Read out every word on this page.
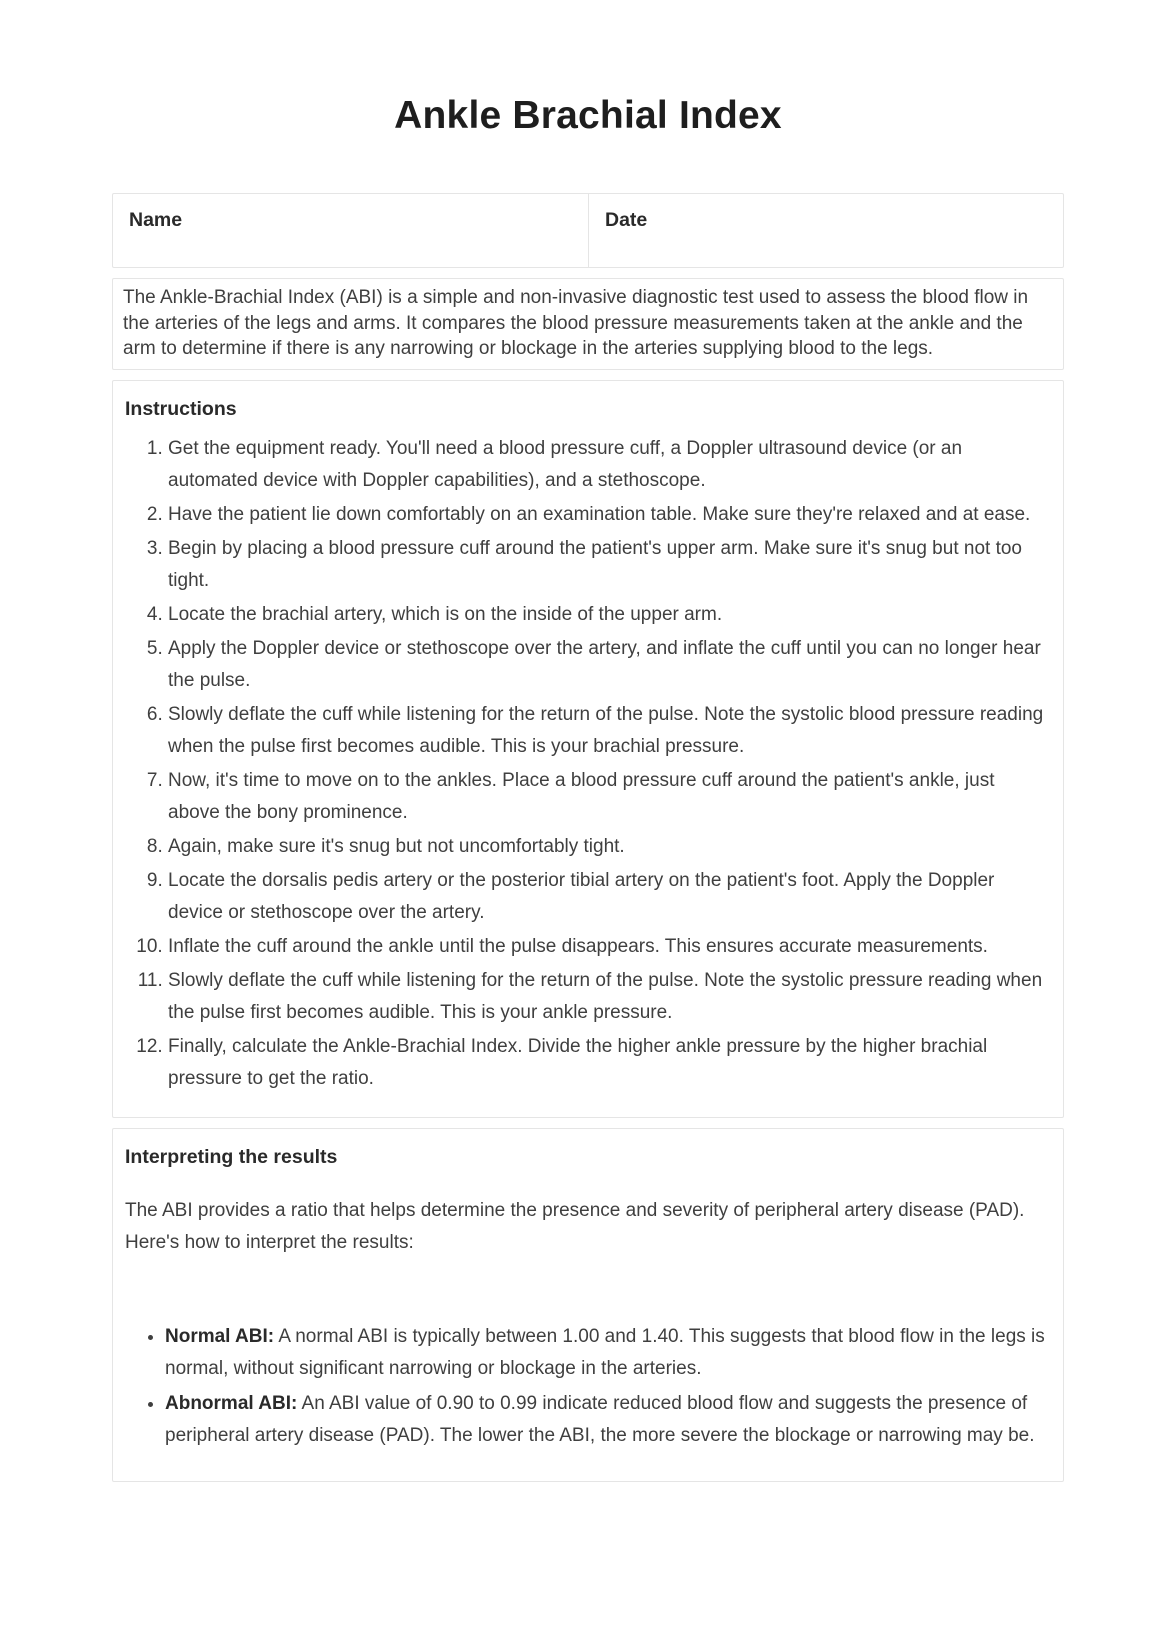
Ankle Brachial Index
Name	Date
The Ankle-Brachial Index (ABI) is a simple and non-invasive diagnostic test used to assess the blood flow in the arteries of the legs and arms. It compares the blood pressure measurements taken at the ankle and the arm to determine if there is any narrowing or blockage in the arteries supplying blood to the legs.
Instructions
1. Get the equipment ready. You'll need a blood pressure cuff, a Doppler ultrasound device (or an automated device with Doppler capabilities), and a stethoscope.
2. Have the patient lie down comfortably on an examination table. Make sure they're relaxed and at ease.
3. Begin by placing a blood pressure cuff around the patient's upper arm. Make sure it's snug but not too tight.
4. Locate the brachial artery, which is on the inside of the upper arm.
5. Apply the Doppler device or stethoscope over the artery, and inflate the cuff until you can no longer hear the pulse.
6. Slowly deflate the cuff while listening for the return of the pulse. Note the systolic blood pressure reading when the pulse first becomes audible. This is your brachial pressure.
7. Now, it's time to move on to the ankles. Place a blood pressure cuff around the patient's ankle, just above the bony prominence.
8. Again, make sure it's snug but not uncomfortably tight.
9. Locate the dorsalis pedis artery or the posterior tibial artery on the patient's foot. Apply the Doppler device or stethoscope over the artery.
10. Inflate the cuff around the ankle until the pulse disappears. This ensures accurate measurements.
11. Slowly deflate the cuff while listening for the return of the pulse. Note the systolic pressure reading when the pulse first becomes audible. This is your ankle pressure.
12. Finally, calculate the Ankle-Brachial Index. Divide the higher ankle pressure by the higher brachial pressure to get the ratio.
Interpreting the results

The ABI provides a ratio that helps determine the presence and severity of peripheral artery disease (PAD). Here's how to interpret the results:

• Normal ABI: A normal ABI is typically between 1.00 and 1.40. This suggests that blood flow in the legs is normal, without significant narrowing or blockage in the arteries.
• Abnormal ABI: An ABI value of 0.90 to 0.99 indicate reduced blood flow and suggests the presence of peripheral artery disease (PAD). The lower the ABI, the more severe the blockage or narrowing may be.
